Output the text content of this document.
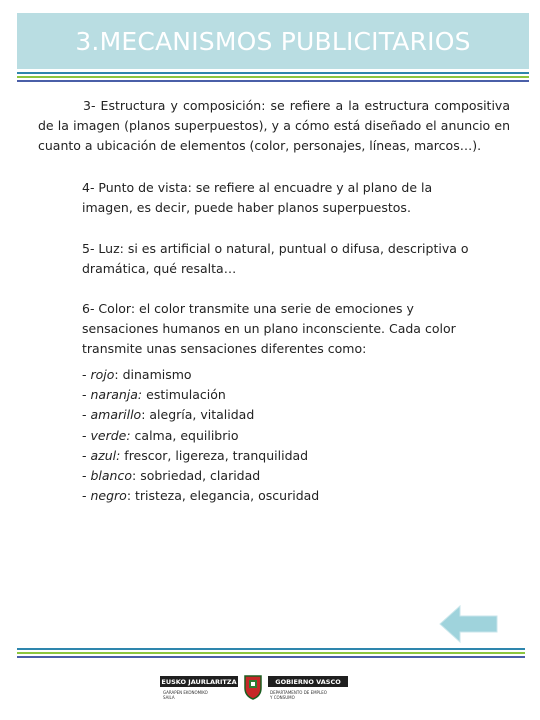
3.MECANISMOS PUBLICITARIOS

3- Estructura y composición: se refiere a la estructura compositiva de la imagen (planos superpuestos), y a cómo está diseñado el anuncio en cuanto a ubicación de elementos (color, personajes, líneas, marcos…).

4- Punto de vista: se refiere al encuadre y al plano de la imagen, es decir, puede haber planos superpuestos.

5- Luz: si es artificial o natural, puntual o difusa, descriptiva o dramática, qué resalta…

6- Color: el color transmite una serie de emociones y sensaciones humanos en un plano inconsciente. Cada color transmite unas sensaciones diferentes como:

- rojo: dinamismo
- naranja: estimulación
- amarillo: alegría, vitalidad
- verde: calma, equilibrio
- azul: frescor, ligereza, tranquilidad
- blanco: sobriedad, claridad
- negro: tristeza, elegancia, oscuridad
EUSKO JAURLARITZA	GOBIERNO VASCO
GARAPEN EKONOMIKO
SAILA
DEPARTAMENTO DE EMPLEO
Y CONSUMO
